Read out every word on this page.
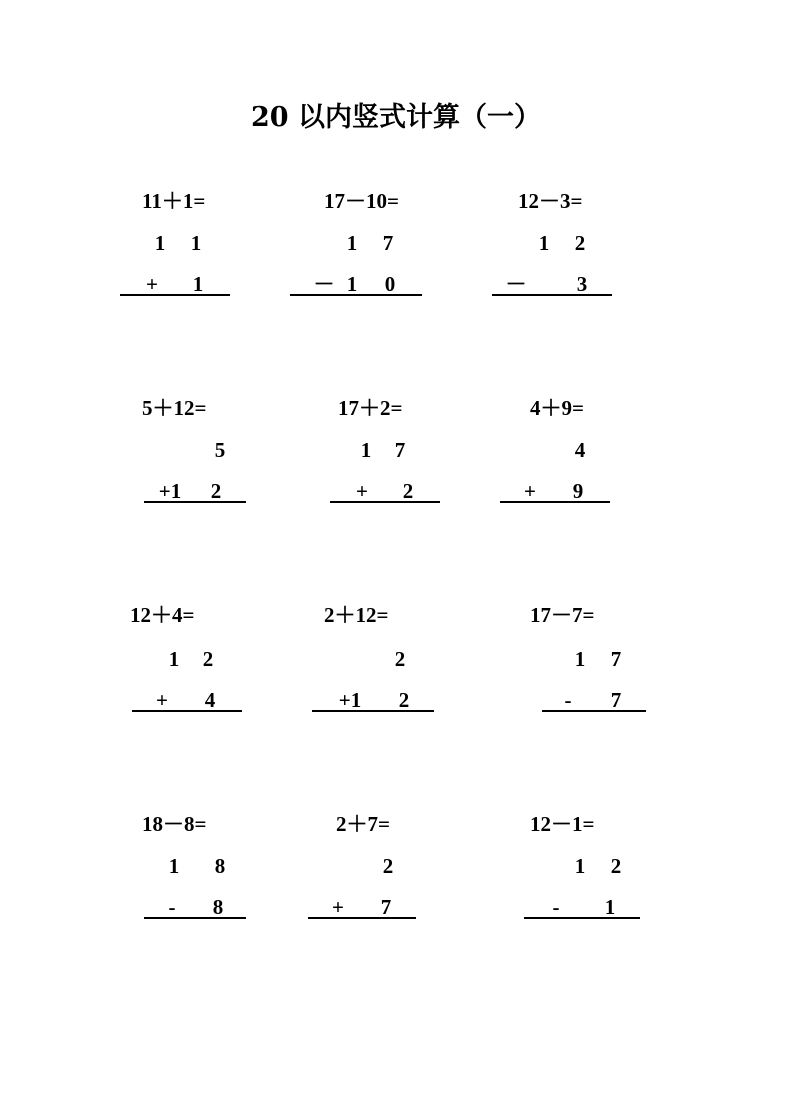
20 以内竖式计算（一）
11＋1=
1 1
+ 1
17－10=
1 7
－ 1 0
12－3=
1 2
－ 3
5＋12=
5
+1	2
17＋2=
1 7
+ 2
4＋9=
4
+ 9
12＋4=
1 2
+ 4
2＋12=
2
+1	2
17－7=
1 7
- 7
18－8=
1 8
- 8
2＋7=
2
+ 7
12－1=
1 2
- 1
